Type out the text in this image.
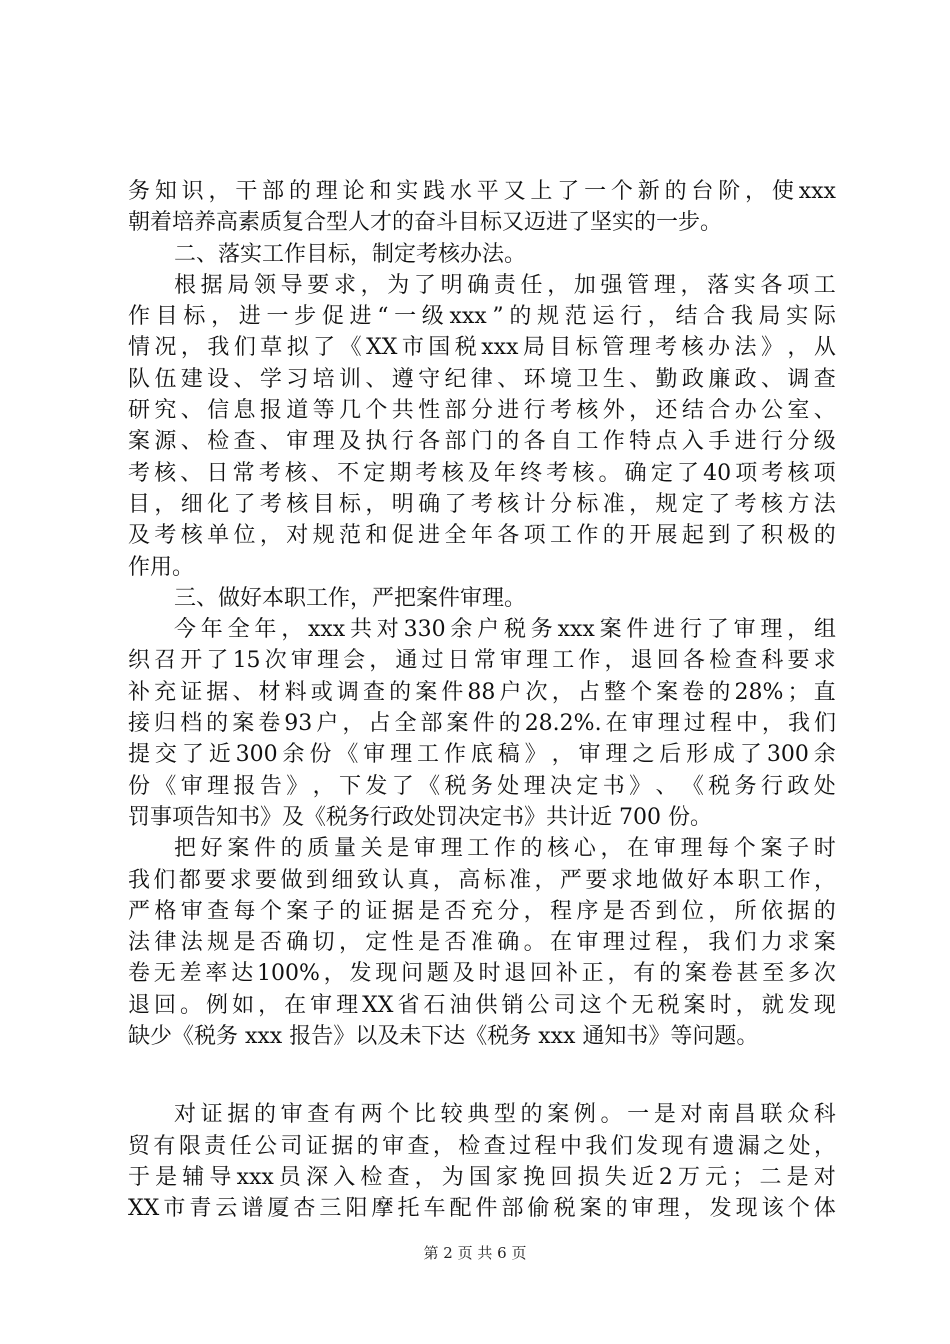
务 知 识 ， 干 部 的 理 论 和 实 践 水 平 又 上 了 一 个 新 的 台 阶 ， 使 xxx
朝着培养高素质复合型人才的奋斗目标又迈进了坚实的一步。
二、落实工作目标，制定考核办法。
根 据 局 领 导 要 求 ， 为 了 明 确 责 任 ， 加 强 管 理 ， 落 实 各 项 工
作 目 标 ， 进 一 步 促 进 “ 一 级 xxx ” 的 规 范 运 行 ， 结 合 我 局 实 际
情 况 ， 我 们 草 拟 了 《 XX 市 国 税 xxx 局 目 标 管 理 考 核 办 法 》 ， 从
队 伍 建 设 、 学 习 培 训 、 遵 守 纪 律 、 环 境 卫 生 、 勤 政 廉 政 、 调 查
研 究 、 信 息 报 道 等 几 个 共 性 部 分 进 行 考 核 外 ， 还 结 合 办 公 室 、
案 源 、 检 查 、 审 理 及 执 行 各 部 门 的 各 自 工 作 特 点 入 手 进 行 分 级
考 核 、 日 常 考 核 、 不 定 期 考 核 及 年 终 考 核 。 确 定 了 40 项 考 核 项
目 ， 细 化 了 考 核 目 标 ， 明 确 了 考 核 计 分 标 准 ， 规 定 了 考 核 方 法
及 考 核 单 位 ， 对 规 范 和 促 进 全 年 各 项 工 作 的 开 展 起 到 了 积 极 的
作用。
三、做好本职工作，严把案件审理。
今 年 全 年 ， xxx 共 对 330 余 户 税 务 xxx 案 件 进 行 了 审 理 ， 组
织 召 开 了 15 次 审 理 会 ， 通 过 日 常 审 理 工 作 ， 退 回 各 检 查 科 要 求
补 充 证 据 、 材 料 或 调 查 的 案 件 88 户 次 ， 占 整 个 案 卷 的 28% ； 直
接 归 档 的 案 卷 93 户 ， 占 全 部 案 件 的 28.2%. 在 审 理 过 程 中 ， 我 们
提 交 了 近 300 余 份 《 审 理 工 作 底 稿 》 ， 审 理 之 后 形 成 了 300 余
份 《 审 理 报 告 》 ， 下 发 了 《 税 务 处 理 决 定 书 》 、 《 税 务 行 政 处
罚事项告知书》及《税务行政处罚决定书》共计近 700 份。
把 好 案 件 的 质 量 关 是 审 理 工 作 的 核 心 ， 在 审 理 每 个 案 子 时
我 们 都 要 求 要 做 到 细 致 认 真 ， 高 标 准 ， 严 要 求 地 做 好 本 职 工 作 ，
严 格 审 查 每 个 案 子 的 证 据 是 否 充 分 ， 程 序 是 否 到 位 ， 所 依 据 的
法 律 法 规 是 否 确 切 ， 定 性 是 否 准 确 。 在 审 理 过 程 ， 我 们 力 求 案
卷 无 差 率 达 100% ， 发 现 问 题 及 时 退 回 补 正 ， 有 的 案 卷 甚 至 多 次
退 回 。 例 如 ， 在 审 理 XX 省 石 油 供 销 公 司 这 个 无 税 案 时 ， 就 发 现
缺少《税务 xxx 报告》以及未下达《税务 xxx 通知书》等问题。
对 证 据 的 审 查 有 两 个 比 较 典 型 的 案 例 。 一 是 对 南 昌 联 众 科
贸 有 限 责 任 公 司 证 据 的 审 查 ， 检 查 过 程 中 我 们 发 现 有 遗 漏 之 处 ，
于 是 辅 导 xxx 员 深 入 检 查 ， 为 国 家 挽 回 损 失 近 2 万 元 ； 二 是 对
XX 市 青 云 谱 厦 杏 三 阳 摩 托 车 配 件 部 偷 税 案 的 审 理 ， 发 现 该 个 体
第 2 页 共 6 页
